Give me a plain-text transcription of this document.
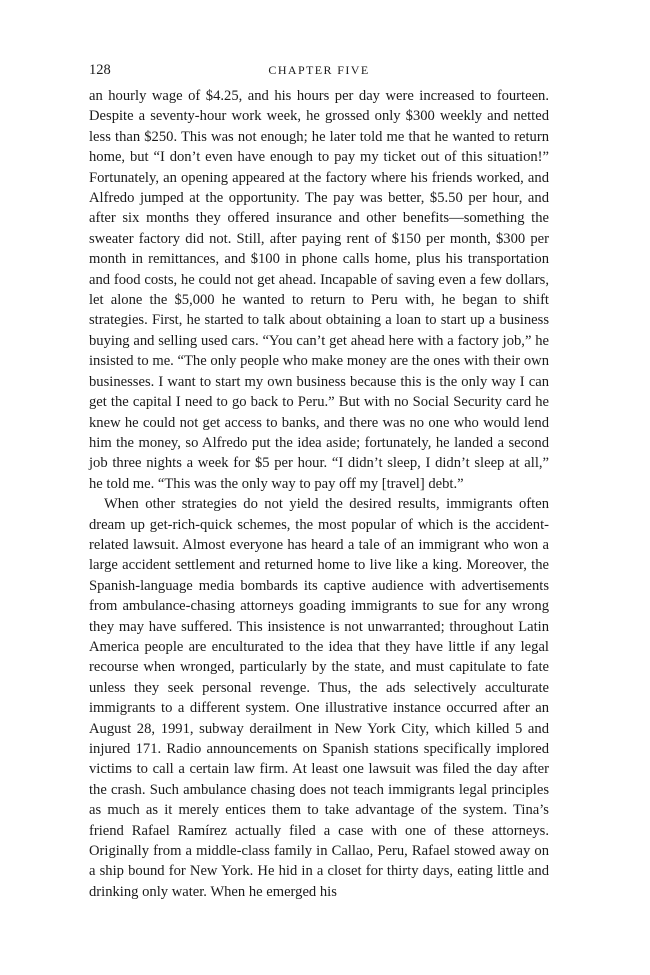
128	CHAPTER FIVE

an hourly wage of $4.25, and his hours per day were increased to fourteen. Despite a seventy-hour work week, he grossed only $300 weekly and netted less than $250. This was not enough; he later told me that he wanted to return home, but “I don’t even have enough to pay my ticket out of this situation!” Fortunately, an opening appeared at the factory where his friends worked, and Alfredo jumped at the opportunity. The pay was better, $5.50 per hour, and after six months they offered insurance and other benefits—something the sweater factory did not. Still, after paying rent of $150 per month, $300 per month in remittances, and $100 in phone calls home, plus his transportation and food costs, he could not get ahead. Incapable of saving even a few dollars, let alone the $5,000 he wanted to return to Peru with, he began to shift strategies. First, he started to talk about obtaining a loan to start up a business buying and selling used cars. “You can’t get ahead here with a factory job,” he insisted to me. “The only people who make money are the ones with their own businesses. I want to start my own business because this is the only way I can get the capital I need to go back to Peru.” But with no Social Security card he knew he could not get access to banks, and there was no one who would lend him the money, so Alfredo put the idea aside; fortunately, he landed a second job three nights a week for $5 per hour. “I didn’t sleep, I didn’t sleep at all,” he told me. “This was the only way to pay off my [travel] debt.”

When other strategies do not yield the desired results, immigrants often dream up get-rich-quick schemes, the most popular of which is the accident-related lawsuit. Almost everyone has heard a tale of an immigrant who won a large accident settlement and returned home to live like a king. Moreover, the Spanish-language media bombards its captive audience with advertisements from ambulance-chasing attorneys goading immigrants to sue for any wrong they may have suffered. This insistence is not unwarranted; throughout Latin America people are enculturated to the idea that they have little if any legal recourse when wronged, particularly by the state, and must capitulate to fate unless they seek personal revenge. Thus, the ads selectively acculturate immigrants to a different system. One illustrative instance occurred after an August 28, 1991, subway derailment in New York City, which killed 5 and injured 171. Radio announcements on Spanish stations specifically implored victims to call a certain law firm. At least one lawsuit was filed the day after the crash. Such ambulance chasing does not teach immigrants legal principles as much as it merely entices them to take advantage of the system. Tina’s friend Rafael Ramírez actually filed a case with one of these attorneys. Originally from a middle-class family in Callao, Peru, Rafael stowed away on a ship bound for New York. He hid in a closet for thirty days, eating little and drinking only water. When he emerged his
